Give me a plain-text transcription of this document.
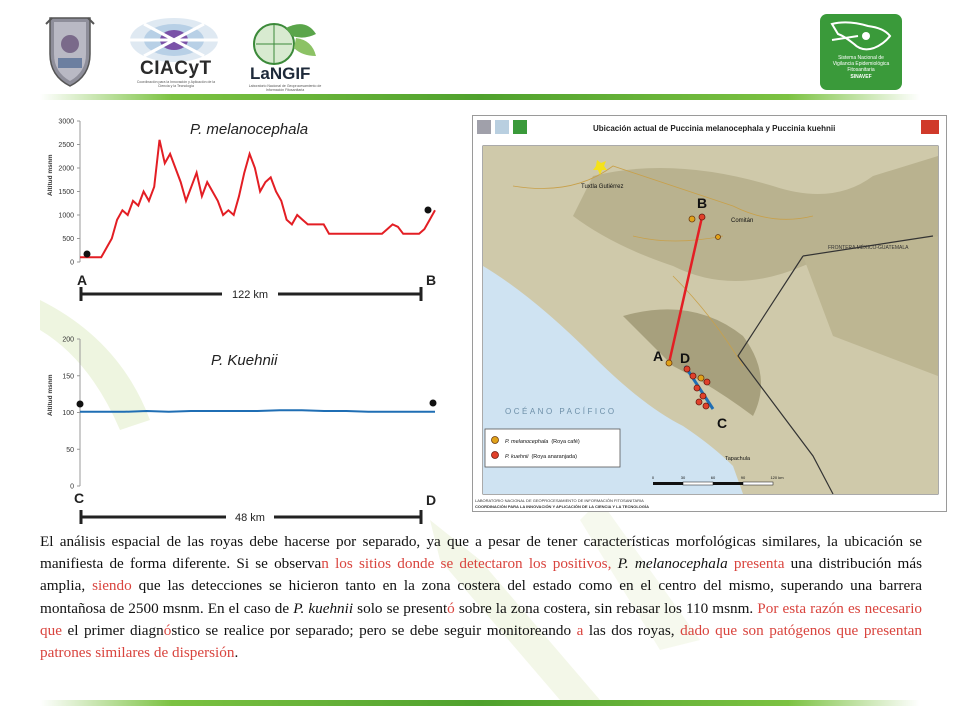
CIACyT
Coordinación para la Innovación y Aplicación de la Ciencia y la Tecnología
LaNGIF
Laboratorio Nacional de Geoprocesamiento de Información Fitosanitaria
Sistema Nacional de
Vigilancia Epidemiológica
Fitosanitaria
SINAVEF
0
500
1000
1500
2000
2500
3000
Altitud msnm
P. melanocephala
A	B
122 km
0
50
100
150
200
Altitud msnm
P. Kuehnii
C	D
48 km
Ubicación actual de Puccinia melanocephala y Puccinia kuehnii
Tuxtla Gutiérrez
Comitán
Tapachula
FRONTERA MÉXICO-GUATEMALA
OCÉANO PACÍFICO
B
A D
C
P. melanocephala (Roya café)
P. kuehnii (Roya anaranjada)
0	30	60	90	120 km
LABORATORIO NACIONAL DE GEOPROCESAMIENTO DE INFORMACIÓN FITOSANITARIA
COORDINACIÓN PARA LA INNOVACIÓN Y APLICACIÓN DE LA CIENCIA Y LA TECNOLOGÍA

El análisis espacial de las royas debe hacerse por separado, ya que a pesar de tener características morfológicas similares, la ubicación se manifiesta de forma diferente. Si se observan los sitios donde se detectaron los positivos, P. melanocephala presenta una distribución más amplia, siendo que las detecciones se hicieron tanto en la zona costera del estado como en el centro del mismo, superando una barrera montañosa de 2500 msnm. En el caso de P. kuehnii solo se presentó sobre la zona costera, sin rebasar los 110 msnm. Por esta razón es necesario que el primer diagnóstico se realice por separado; pero se debe seguir monitoreando a las dos royas, dado que son patógenos que presentan patrones similares de dispersión.
